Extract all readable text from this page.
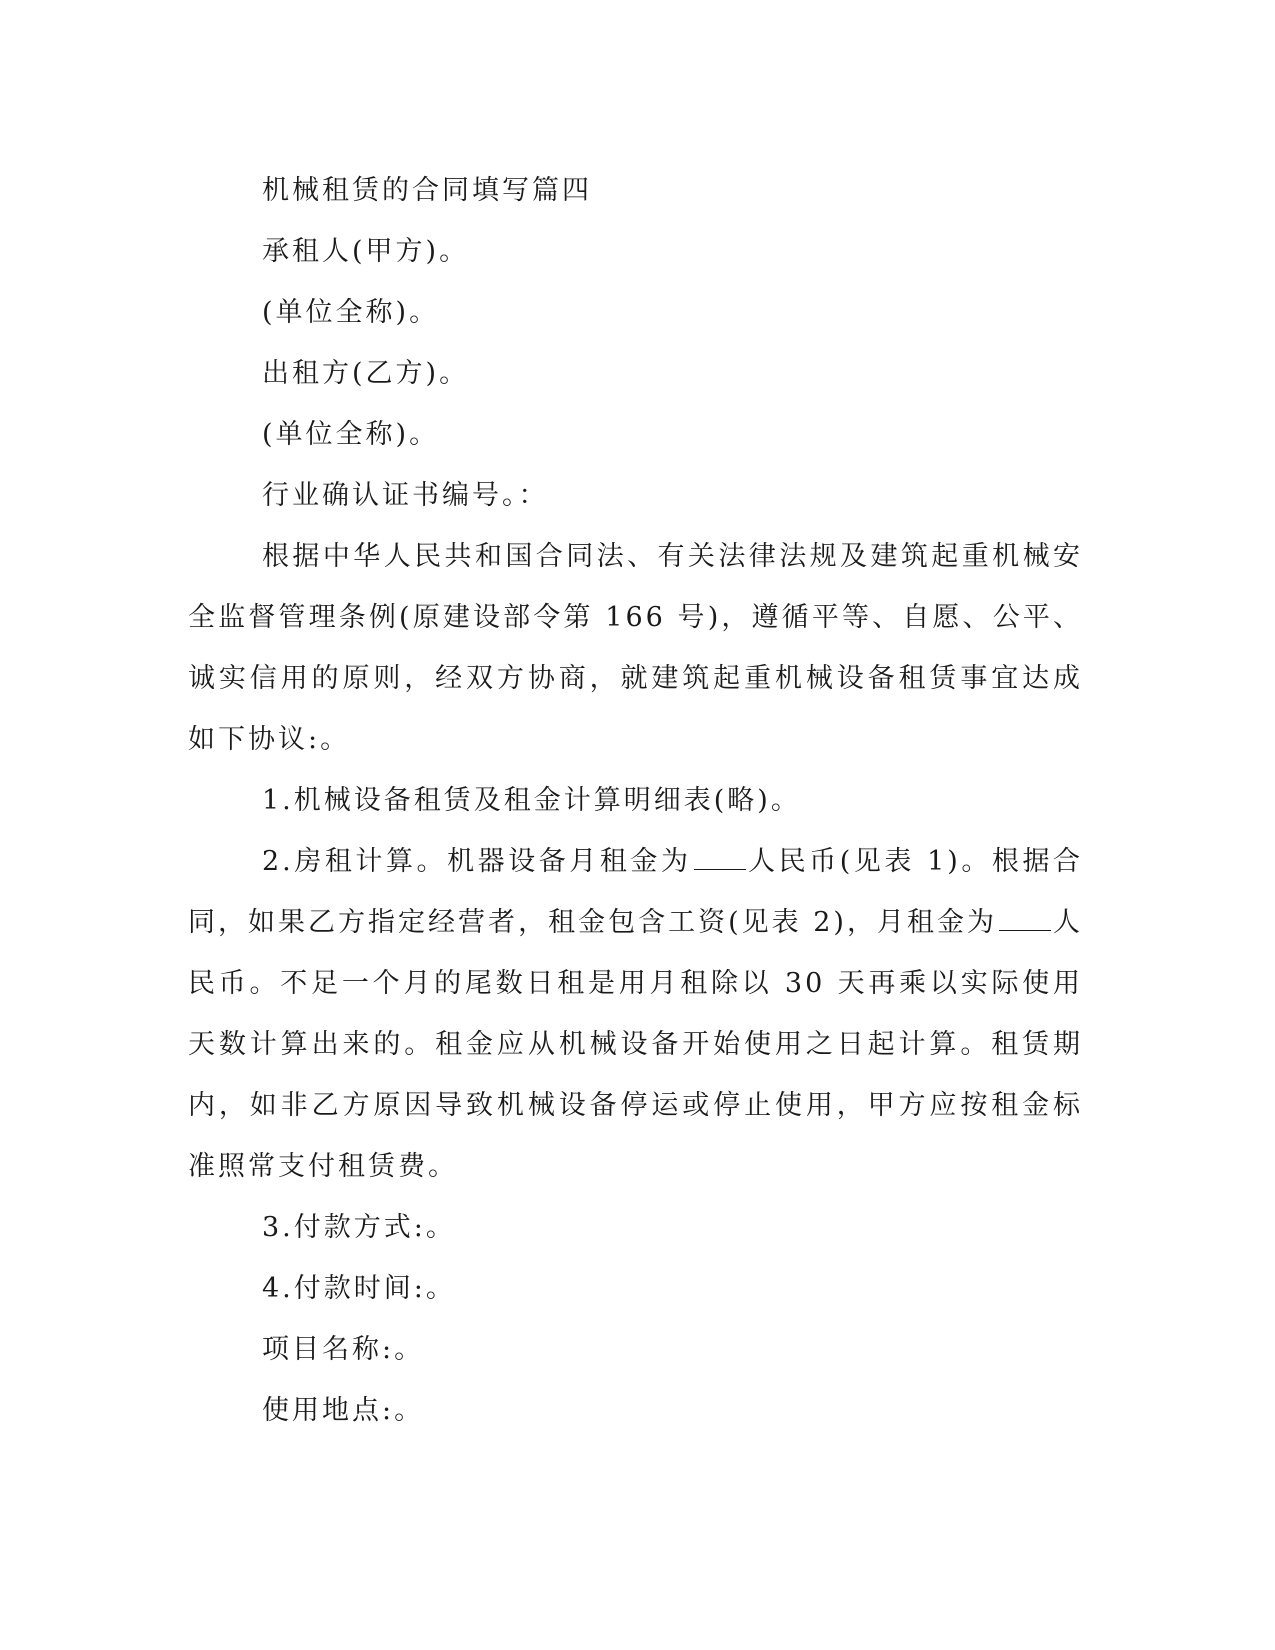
机械租赁的合同填写篇四
承租人(甲方)。
(单位全称)。
出租方(乙方)。
(单位全称)。
行业确认证书编号。：

根据中华人民共和国合同法、有关法律法规及建筑起重机械安全监督管理条例(原建设部令第 166 号)，遵循平等、自愿、公平、诚实信用的原则，经双方协商，就建筑起重机械设备租赁事宜达成如下协议:。

1.机械设备租赁及租金计算明细表(略)。

2.房租计算。机器设备月租金为 人民币(见表 1)。根据合同，如果乙方指定经营者，租金包含工资(见表 2)，月租金为 人民币。不足一个月的尾数日租是用月租除以 30 天再乘以实际使用天数计算出来的。租金应从机械设备开始使用之日起计算。租赁期内，如非乙方原因导致机械设备停运或停止使用，甲方应按租金标准照常支付租赁费。

3.付款方式:。
4.付款时间:。
项目名称:。
使用地点:。
